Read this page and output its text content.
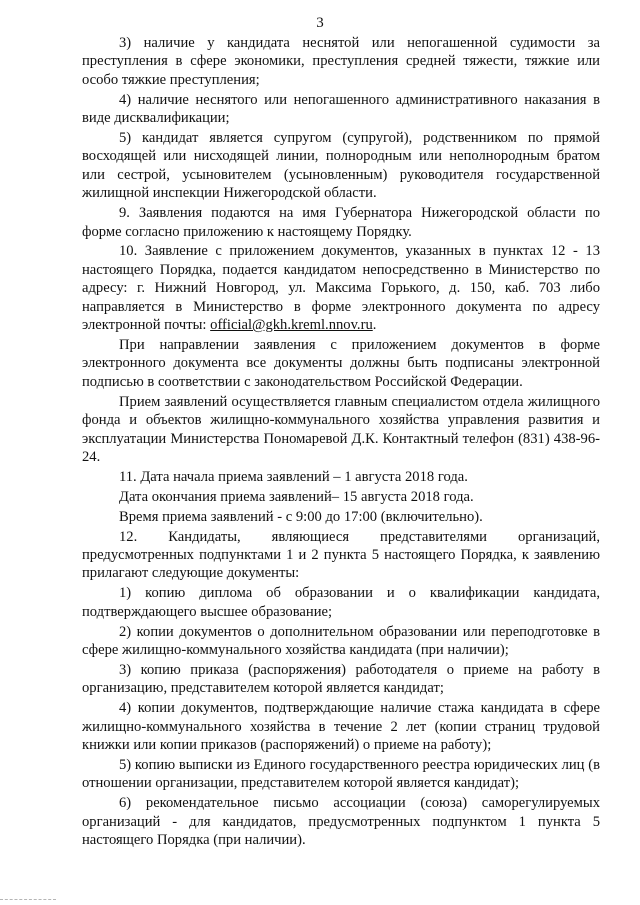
3

3) наличие у кандидата неснятой или непогашенной судимости за преступления в сфере экономики, преступления средней тяжести, тяжкие или особо тяжкие преступления;

4) наличие неснятого или непогашенного административного наказания в виде дисквалификации;

5) кандидат является супругом (супругой), родственником по прямой восходящей или нисходящей линии, полнородным или неполнородным братом или сестрой, усыновителем (усыновленным) руководителя государственной жилищной инспекции Нижегородской области.

9. Заявления подаются на имя Губернатора Нижегородской области по форме согласно приложению к настоящему Порядку.

10. Заявление с приложением документов, указанных в пунктах 12 - 13 настоящего Порядка, подается кандидатом непосредственно в Министерство по адресу: г. Нижний Новгород, ул. Максима Горького, д. 150, каб. 703 либо направляется в Министерство в форме электронного документа по адресу электронной почты: official@gkh.kreml.nnov.ru.

При направлении заявления с приложением документов в форме электронного документа все документы должны быть подписаны электронной подписью в соответствии с законодательством Российской Федерации.

Прием заявлений осуществляется главным специалистом отдела жилищного фонда и объектов жилищно-коммунального хозяйства управления развития и эксплуатации Министерства Пономаревой Д.К. Контактный телефон (831) 438-96-24.

11. Дата начала приема заявлений – 1 августа 2018 года.

Дата окончания приема заявлений– 15 августа 2018 года.

Время приема заявлений - с 9:00 до 17:00 (включительно).

12. Кандидаты, являющиеся представителями организаций, предусмотренных подпунктами 1 и 2 пункта 5 настоящего Порядка, к заявлению прилагают следующие документы:

1) копию диплома об образовании и о квалификации кандидата, подтверждающего высшее образование;

2) копии документов о дополнительном образовании или переподготовке в сфере жилищно-коммунального хозяйства кандидата (при наличии);

3) копию приказа (распоряжения) работодателя о приеме на работу в организацию, представителем которой является кандидат;

4) копии документов, подтверждающие наличие стажа кандидата в сфере жилищно-коммунального хозяйства в течение 2 лет (копии страниц трудовой книжки или копии приказов (распоряжений) о приеме на работу);

5) копию выписки из Единого государственного реестра юридических лиц (в отношении организации, представителем которой является кандидат);

6) рекомендательное письмо ассоциации (союза) саморегулируемых организаций - для кандидатов, предусмотренных подпунктом 1 пункта 5 настоящего Порядка (при наличии).
